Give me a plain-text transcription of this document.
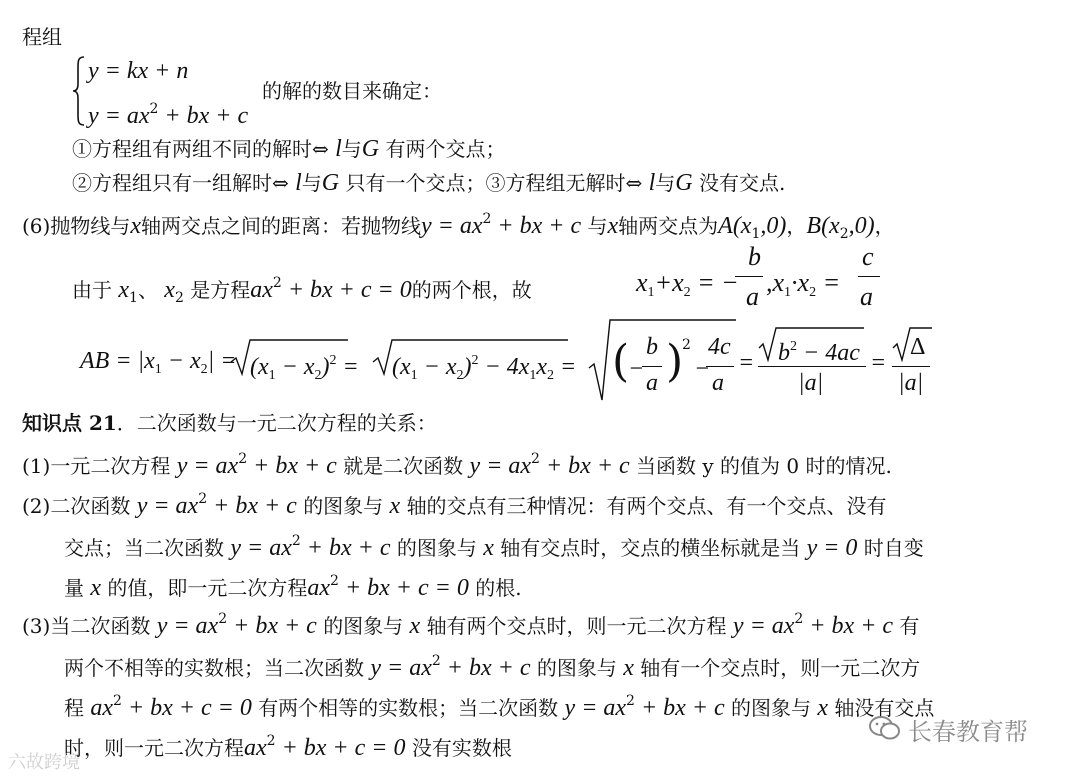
程组
y = kx + n
$y = ax^2$ + bx + c
的解的数目来确定：
①方程组有两组不同的解时⇔ l与G 有两个交点；
②方程组只有一组解时⇔ l与G 只有一个交点；③方程组无解时⇔ l与G 没有交点.
(6)抛物线与x轴两交点之间的距离：若抛物线$y = ax^2$ + bx + c 与x轴两交点为$A(x_1,0)$，$B(x_2,0)$，
由于 $x_1$、 $x_2$ 是方程$ax^2$ + bx + c = 0的两个根，故	$x_1+x_2$ = −
b
a $,x_1\cdot x_2$ =
c
a
AB = $|x_1 - x_2| = (x_1 - x_2)^2 = (x_1 - x_2)^2 - 4x_1x_2$ = (
−
b
a )
2
−
4c
a
= $b^2 - 4ac$
|a|
=
Δ
|a|
知识点 21．二次函数与一元二次方程的关系：
(1)一元二次方程 $y = ax^2$ + bx + c 就是二次函数 $y = ax^2$ + bx + c 当函数 y 的值为 0 时的情况.
(2)二次函数 $y = ax^2$ + bx + c 的图象与 x 轴的交点有三种情况：有两个交点、有一个交点、没有
交点；当二次函数 $y = ax^2$ + bx + c 的图象与 x 轴有交点时，交点的横坐标就是当 y = 0 时自变
量 x 的值，即一元二次方程$ax^2$ + bx + c = 0 的根.
(3)当二次函数 $y = ax^2$ + bx + c 的图象与 x 轴有两个交点时，则一元二次方程 $y = ax^2$ + bx + c 有
两个不相等的实数根；当二次函数 $y = ax^2$ + bx + c 的图象与 x 轴有一个交点时，则一元二次方
程 $ax^2$ + bx + c = 0 有两个相等的实数根；当二次函数 $y = ax^2$ + bx + c 的图象与 x 轴没有交点
时，则一元二次方程$ax^2$ + bx + c = 0 没有实数根
长春教育帮
六故跨境
